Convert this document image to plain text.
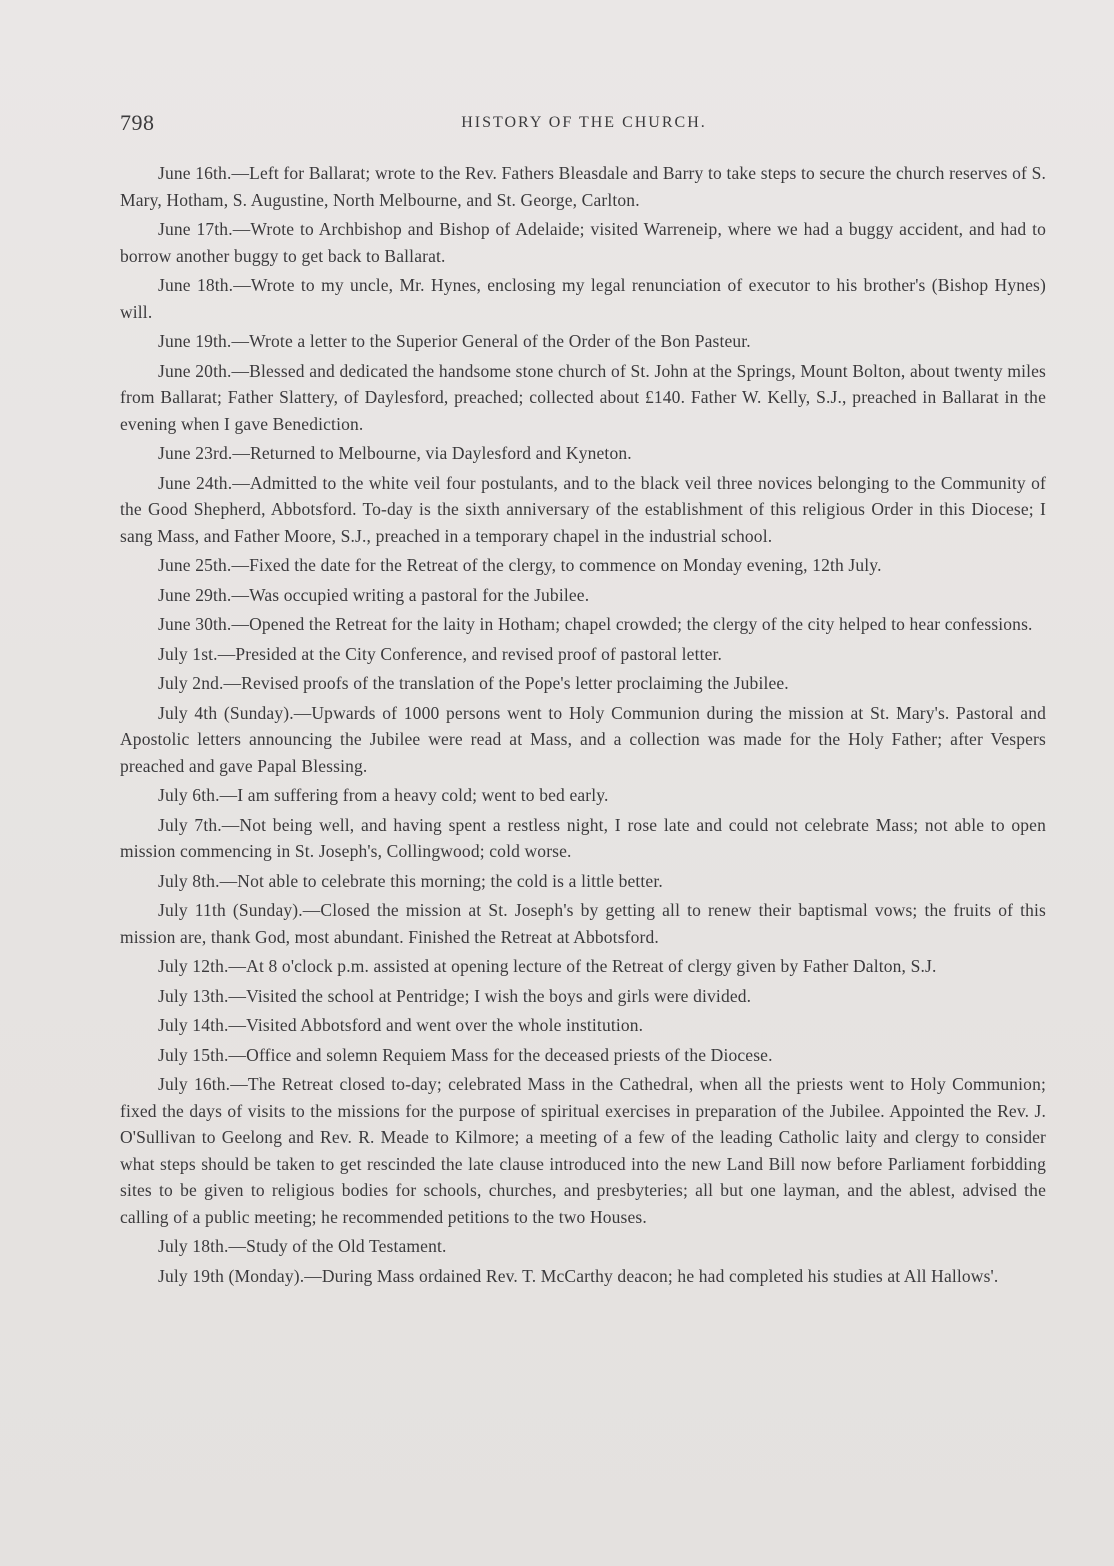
798	HISTORY OF THE CHURCH.

June 16th.—Left for Ballarat; wrote to the Rev. Fathers Bleasdale and Barry to take steps to secure the church reserves of S. Mary, Hotham, S. Augustine, North Melbourne, and St. George, Carlton.

June 17th.—Wrote to Archbishop and Bishop of Adelaide; visited Warreneip, where we had a buggy accident, and had to borrow another buggy to get back to Ballarat.

June 18th.—Wrote to my uncle, Mr. Hynes, enclosing my legal renunciation of executor to his brother's (Bishop Hynes) will.

June 19th.—Wrote a letter to the Superior General of the Order of the Bon Pasteur.

June 20th.—Blessed and dedicated the handsome stone church of St. John at the Springs, Mount Bolton, about twenty miles from Ballarat; Father Slattery, of Daylesford, preached; collected about £140. Father W. Kelly, S.J., preached in Ballarat in the evening when I gave Benediction.

June 23rd.—Returned to Melbourne, via Daylesford and Kyneton.

June 24th.—Admitted to the white veil four postulants, and to the black veil three novices belonging to the Community of the Good Shepherd, Abbotsford. To-day is the sixth anniversary of the establishment of this religious Order in this Diocese; I sang Mass, and Father Moore, S.J., preached in a temporary chapel in the industrial school.

June 25th.—Fixed the date for the Retreat of the clergy, to commence on Monday evening, 12th July.

June 29th.—Was occupied writing a pastoral for the Jubilee.

June 30th.—Opened the Retreat for the laity in Hotham; chapel crowded; the clergy of the city helped to hear confessions.

July 1st.—Presided at the City Conference, and revised proof of pastoral letter.

July 2nd.—Revised proofs of the translation of the Pope's letter proclaiming the Jubilee.

July 4th (Sunday).—Upwards of 1000 persons went to Holy Communion during the mission at St. Mary's. Pastoral and Apostolic letters announcing the Jubilee were read at Mass, and a collection was made for the Holy Father; after Vespers preached and gave Papal Blessing.

July 6th.—I am suffering from a heavy cold; went to bed early.

July 7th.—Not being well, and having spent a restless night, I rose late and could not celebrate Mass; not able to open mission commencing in St. Joseph's, Collingwood; cold worse.

July 8th.—Not able to celebrate this morning; the cold is a little better.

July 11th (Sunday).—Closed the mission at St. Joseph's by getting all to renew their baptismal vows; the fruits of this mission are, thank God, most abundant. Finished the Retreat at Abbotsford.

July 12th.—At 8 o'clock p.m. assisted at opening lecture of the Retreat of clergy given by Father Dalton, S.J.

July 13th.—Visited the school at Pentridge; I wish the boys and girls were divided.

July 14th.—Visited Abbotsford and went over the whole institution.

July 15th.—Office and solemn Requiem Mass for the deceased priests of the Diocese.

July 16th.—The Retreat closed to-day; celebrated Mass in the Cathedral, when all the priests went to Holy Communion; fixed the days of visits to the missions for the purpose of spiritual exercises in preparation of the Jubilee. Appointed the Rev. J. O'Sullivan to Geelong and Rev. R. Meade to Kilmore; a meeting of a few of the leading Catholic laity and clergy to consider what steps should be taken to get rescinded the late clause introduced into the new Land Bill now before Parliament forbidding sites to be given to religious bodies for schools, churches, and presbyteries; all but one layman, and the ablest, advised the calling of a public meeting; he recommended petitions to the two Houses.

July 18th.—Study of the Old Testament.

July 19th (Monday).—During Mass ordained Rev. T. McCarthy deacon; he had completed his studies at All Hallows'.
